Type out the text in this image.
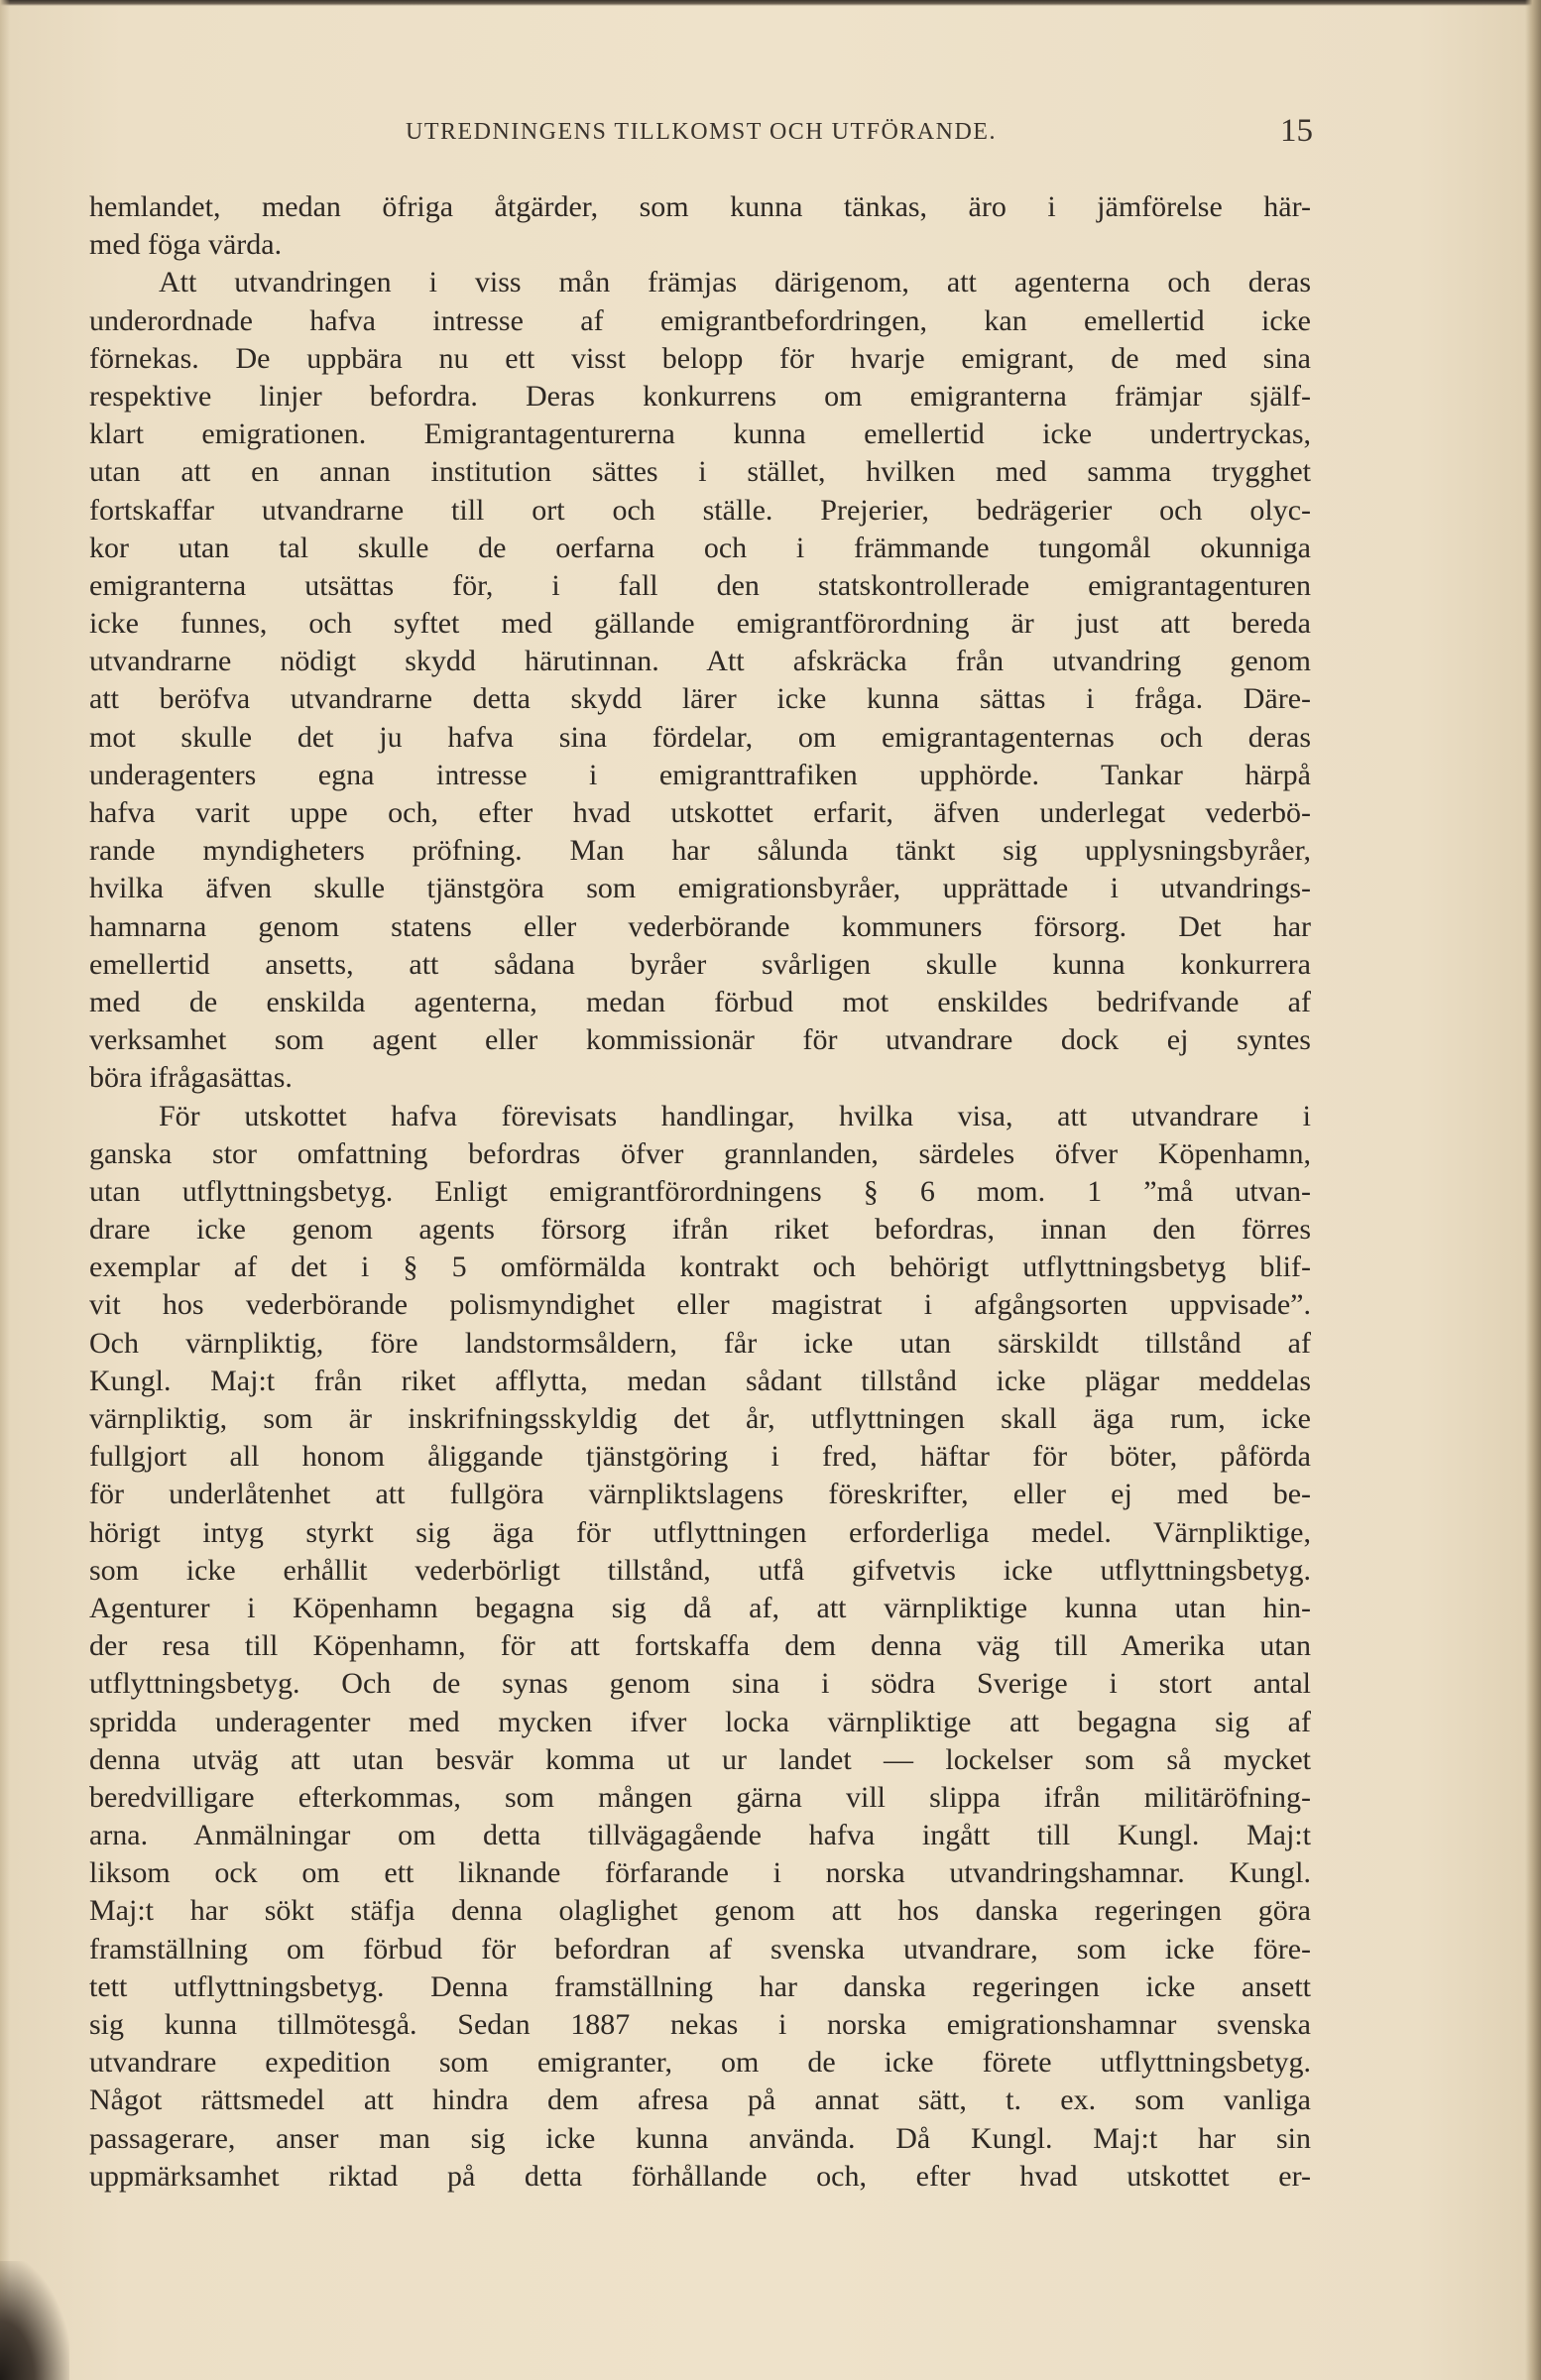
UTREDNINGENS TILLKOMST OCH UTFÖRANDE.	15
hemlandet, medan öfriga åtgärder, som kunna tänkas, äro i jämförelse här-
med föga värda.
Att utvandringen i viss mån främjas därigenom, att agenterna och deras
underordnade hafva intresse af emigrantbefordringen, kan emellertid icke
förnekas. De uppbära nu ett visst belopp för hvarje emigrant, de med sina
respektive linjer befordra. Deras konkurrens om emigranterna främjar själf-
klart emigrationen. Emigrantagenturerna kunna emellertid icke undertryckas,
utan att en annan institution sättes i stället, hvilken med samma trygghet
fortskaffar utvandrarne till ort och ställe. Prejerier, bedrägerier och olyc-
kor utan tal skulle de oerfarna och i främmande tungomål okunniga
emigranterna utsättas för, i fall den statskontrollerade emigrantagenturen
icke funnes, och syftet med gällande emigrantförordning är just att bereda
utvandrarne nödigt skydd härutinnan. Att afskräcka från utvandring genom
att beröfva utvandrarne detta skydd lärer icke kunna sättas i fråga. Däre-
mot skulle det ju hafva sina fördelar, om emigrantagenternas och deras
underagenters egna intresse i emigranttrafiken upphörde. Tankar härpå
hafva varit uppe och, efter hvad utskottet erfarit, äfven underlegat vederbö-
rande myndigheters pröfning. Man har sålunda tänkt sig upplysningsbyråer,
hvilka äfven skulle tjänstgöra som emigrationsbyråer, upprättade i utvandrings-
hamnarna genom statens eller vederbörande kommuners försorg. Det har
emellertid ansetts, att sådana byråer svårligen skulle kunna konkurrera
med de enskilda agenterna, medan förbud mot enskildes bedrifvande af
verksamhet som agent eller kommissionär för utvandrare dock ej syntes
böra ifrågasättas.
För utskottet hafva förevisats handlingar, hvilka visa, att utvandrare i
ganska stor omfattning befordras öfver grannlanden, särdeles öfver Köpenhamn,
utan utflyttningsbetyg. Enligt emigrantförordningens § 6 mom. 1 ”må utvan-
drare icke genom agents försorg ifrån riket befordras, innan den förres
exemplar af det i § 5 omförmälda kontrakt och behörigt utflyttningsbetyg blif-
vit hos vederbörande polismyndighet eller magistrat i afgångsorten uppvisade”.
Och värnpliktig, före landstormsåldern, får icke utan särskildt tillstånd af
Kungl. Maj:t från riket afflytta, medan sådant tillstånd icke plägar meddelas
värnpliktig, som är inskrifningsskyldig det år, utflyttningen skall äga rum, icke
fullgjort all honom åliggande tjänstgöring i fred, häftar för böter, påförda
för underlåtenhet att fullgöra värnpliktslagens föreskrifter, eller ej med be-
hörigt intyg styrkt sig äga för utflyttningen erforderliga medel. Värnpliktige,
som icke erhållit vederbörligt tillstånd, utfå gifvetvis icke utflyttningsbetyg.
Agenturer i Köpenhamn begagna sig då af, att värnpliktige kunna utan hin-
der resa till Köpenhamn, för att fortskaffa dem denna väg till Amerika utan
utflyttningsbetyg. Och de synas genom sina i södra Sverige i stort antal
spridda underagenter med mycken ifver locka värnpliktige att begagna sig af
denna utväg att utan besvär komma ut ur landet — lockelser som så mycket
beredvilligare efterkommas, som mången gärna vill slippa ifrån militäröfning-
arna. Anmälningar om detta tillvägagående hafva ingått till Kungl. Maj:t
liksom ock om ett liknande förfarande i norska utvandringshamnar. Kungl.
Maj:t har sökt stäfja denna olaglighet genom att hos danska regeringen göra
framställning om förbud för befordran af svenska utvandrare, som icke före-
tett utflyttningsbetyg. Denna framställning har danska regeringen icke ansett
sig kunna tillmötesgå. Sedan 1887 nekas i norska emigrationshamnar svenska
utvandrare expedition som emigranter, om de icke förete utflyttningsbetyg.
Något rättsmedel att hindra dem afresa på annat sätt, t. ex. som vanliga
passagerare, anser man sig icke kunna använda. Då Kungl. Maj:t har sin
uppmärksamhet riktad på detta förhållande och, efter hvad utskottet er-
